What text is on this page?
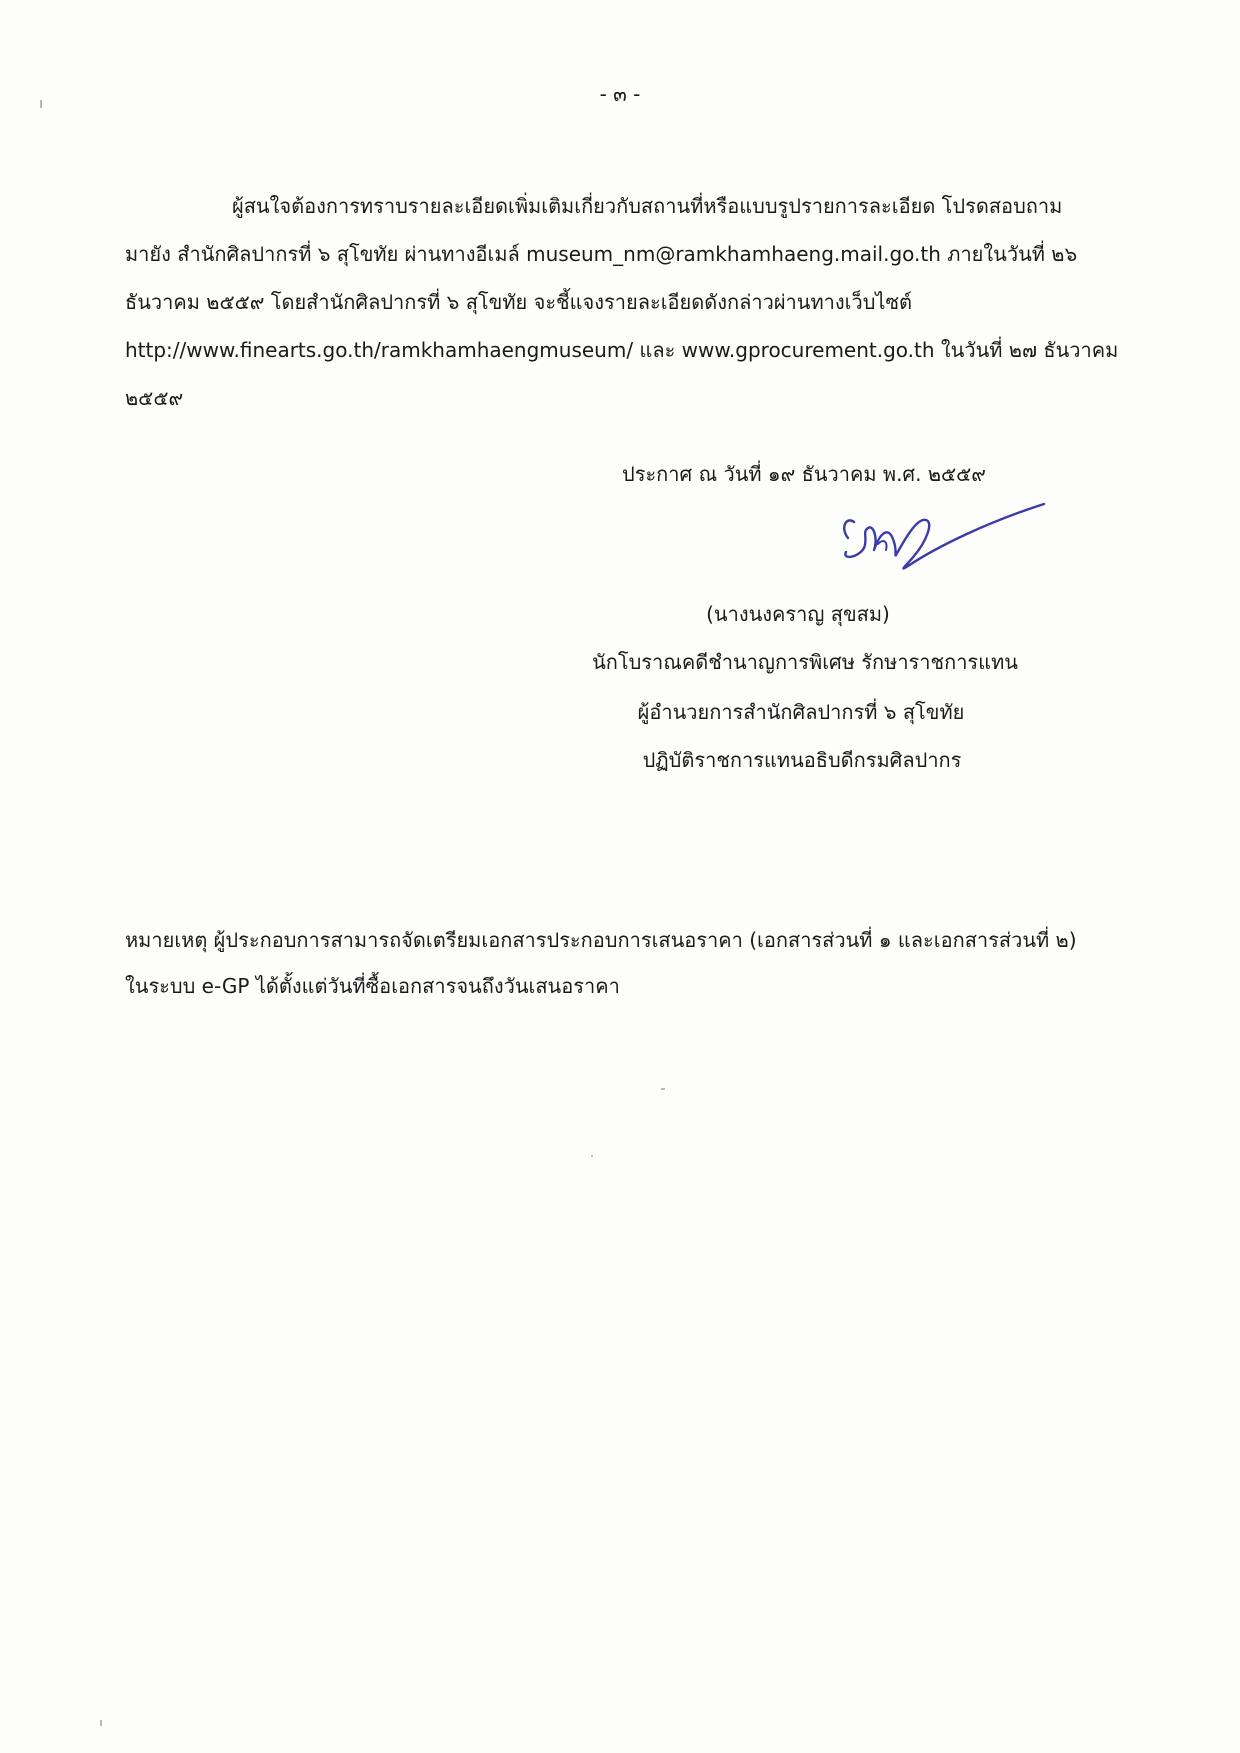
- ๓ -
ผู้สนใจต้องการทราบรายละเอียดเพิ่มเติมเกี่ยวกับสถานที่หรือแบบรูปรายการละเอียด โปรดสอบถาม
มายัง สำนักศิลปากรที่ ๖ สุโขทัย ผ่านทางอีเมล์ museum_nm@ramkhamhaeng.mail.go.th ภายในวันที่ ๒๖
ธันวาคม ๒๕๕๙ โดยสำนักศิลปากรที่ ๖ สุโขทัย จะชี้แจงรายละเอียดดังกล่าวผ่านทางเว็บไซต์
http://www.finearts.go.th/ramkhamhaengmuseum/ และ www.gprocurement.go.th ในวันที่ ๒๗ ธันวาคม
๒๕๕๙
ประกาศ ณ วันที่ ๑๙ ธันวาคม พ.ศ. ๒๕๕๙
(นางนงคราญ สุขสม)
นักโบราณคดีชำนาญการพิเศษ รักษาราชการแทน
ผู้อำนวยการสำนักศิลปากรที่ ๖ สุโขทัย
ปฏิบัติราชการแทนอธิบดีกรมศิลปากร
หมายเหตุ ผู้ประกอบการสามารถจัดเตรียมเอกสารประกอบการเสนอราคา (เอกสารส่วนที่ ๑ และเอกสารส่วนที่ ๒)
ในระบบ e-GP ได้ตั้งแต่วันที่ซื้อเอกสารจนถึงวันเสนอราคา
